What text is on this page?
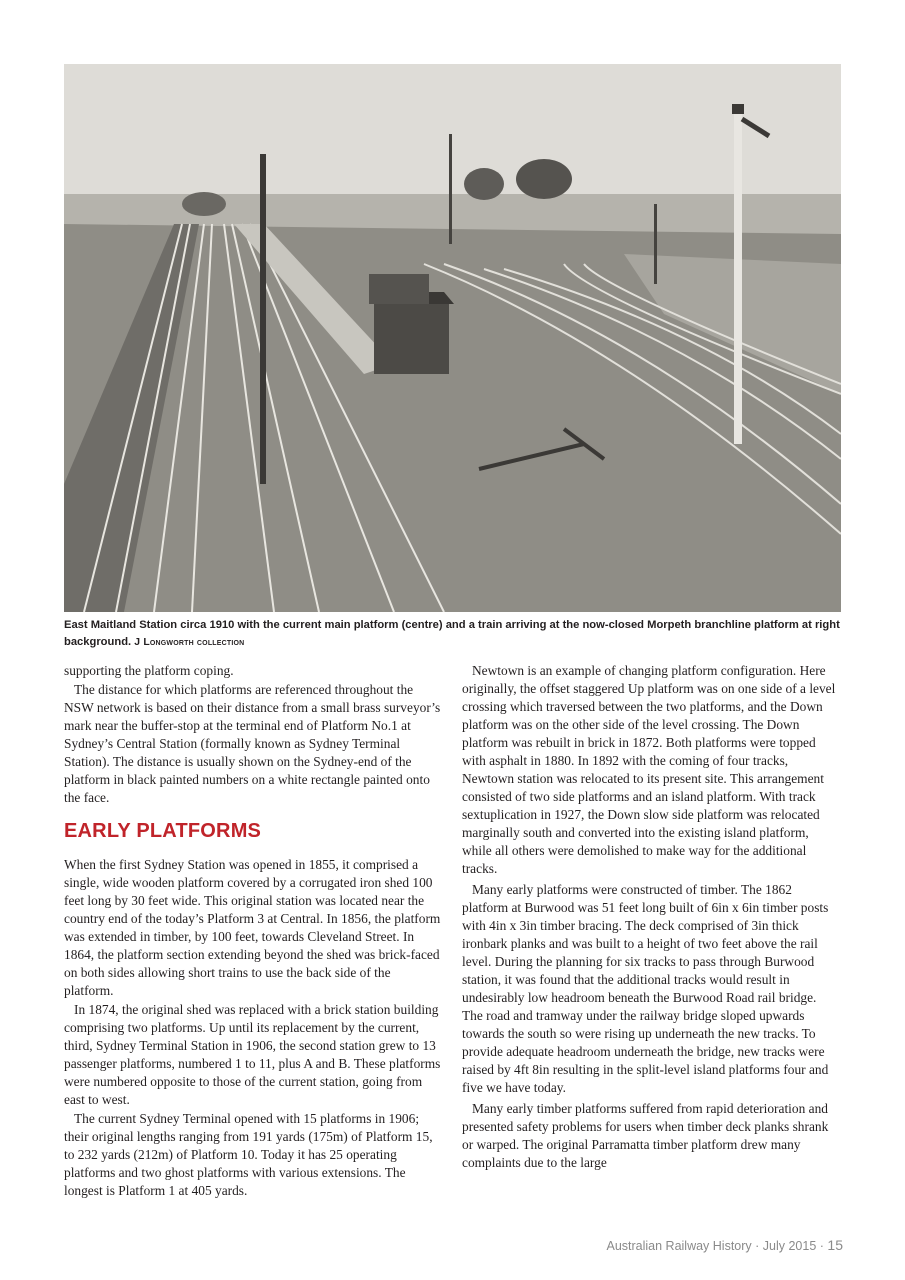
East Maitland Station circa 1910 with the current main platform (centre) and a train arriving at the now-closed Morpeth branchline platform at right background. J Longworth collection

supporting the platform coping.

The distance for which platforms are referenced throughout the NSW network is based on their distance from a small brass surveyor’s mark near the buffer-stop at the terminal end of Platform No.1 at Sydney’s Central Station (formally known as Sydney Terminal Station). The distance is usually shown on the Sydney-end of the platform in black painted numbers on a white rectangle painted onto the face.

EARLY PLATFORMS

When the first Sydney Station was opened in 1855, it comprised a single, wide wooden platform covered by a corrugated iron shed 100 feet long by 30 feet wide. This original station was located near the country end of the today’s Platform 3 at Central. In 1856, the platform was extended in timber, by 100 feet, towards Cleveland Street. In 1864, the platform section extending beyond the shed was brick-faced on both sides allowing short trains to use the back side of the platform.

In 1874, the original shed was replaced with a brick station building comprising two platforms. Up until its replacement by the current, third, Sydney Terminal Station in 1906, the second station grew to 13 passenger platforms, numbered 1 to 11, plus A and B. These platforms were numbered opposite to those of the current station, going from east to west.

The current Sydney Terminal opened with 15 platforms in 1906; their original lengths ranging from 191 yards (175m) of Platform 15, to 232 yards (212m) of Platform 10. Today it has 25 operating platforms and two ghost platforms with various extensions. The longest is Platform 1 at 405 yards.

Newtown is an example of changing platform configuration. Here originally, the offset staggered Up platform was on one side of a level crossing which traversed between the two platforms, and the Down platform was on the other side of the level crossing. The Down platform was rebuilt in brick in 1872. Both platforms were topped with asphalt in 1880. In 1892 with the coming of four tracks, Newtown station was relocated to its present site. This arrangement consisted of two side platforms and an island platform. With track sextuplication in 1927, the Down slow side platform was relocated marginally south and converted into the existing island platform, while all others were demolished to make way for the additional tracks.

Many early platforms were constructed of timber. The 1862 platform at Burwood was 51 feet long built of 6in x 6in timber posts with 4in x 3in timber bracing. The deck comprised of 3in thick ironbark planks and was built to a height of two feet above the rail level. During the planning for six tracks to pass through Burwood station, it was found that the additional tracks would result in undesirably low headroom beneath the Burwood Road rail bridge. The road and tramway under the railway bridge sloped upwards towards the south so were rising up underneath the new tracks. To provide adequate headroom underneath the bridge, new tracks were raised by 4ft 8in resulting in the split-level island platforms four and five we have today.

Many early timber platforms suffered from rapid deterioration and presented safety problems for users when timber deck planks shrank or warped. The original Parramatta timber platform drew many complaints due to the large

Australian Railway History · July 2015 · 15
